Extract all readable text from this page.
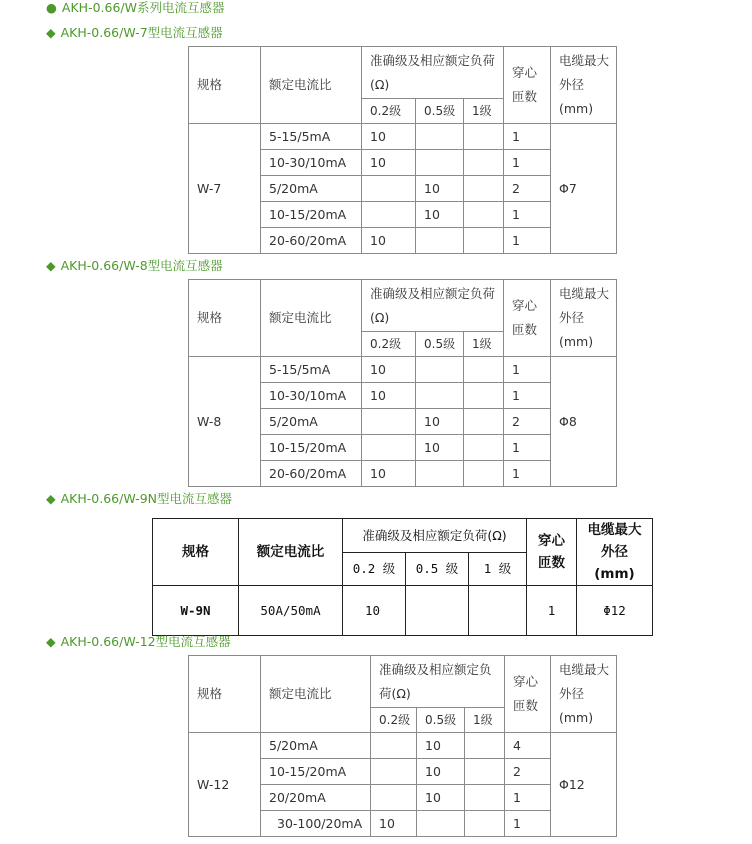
● AKH-0.66/W系列电流互感器
◆ AKH-0.66/W-7型电流互感器
规格	额定电流比	准确级及相应额定负荷(Ω)			穿心匝数	电缆最大外径(mm)
		0.2级	0.5级	1级		
W-7	5-15/5mA	10			1	Φ7
	10-30/10mA	10			1	
	5/20mA		10		2	
	10-15/20mA		10		1	
	20-60/20mA	10			1	
◆ AKH-0.66/W-8型电流互感器
规格	额定电流比	准确级及相应额定负荷(Ω)			穿心匝数	电缆最大外径(mm)
		0.2级	0.5级	1级		
W-8	5-15/5mA	10			1	Φ8
	10-30/10mA	10			1	
	5/20mA		10		2	
	10-15/20mA		10		1	
	20-60/20mA	10			1	
◆ AKH-0.66/W-9N型电流互感器
规格	额定电流比	准确级及相应额定负荷(Ω)			穿心匝数	电缆最大外径(mm)
		0.2 级	0.5 级	1 级		
W-9N	50A/50mA	10			1	Φ12
◆ AKH-0.66/W-12型电流互感器
规格	额定电流比	准确级及相应额定负荷(Ω)			穿心匝数	电缆最大外径(mm)
		0.2级	0.5级	1级		
W-12	5/20mA		10		4	Φ12
	10-15/20mA		10		2	
	20/20mA		10		1	
	30-100/20mA	10			1	
